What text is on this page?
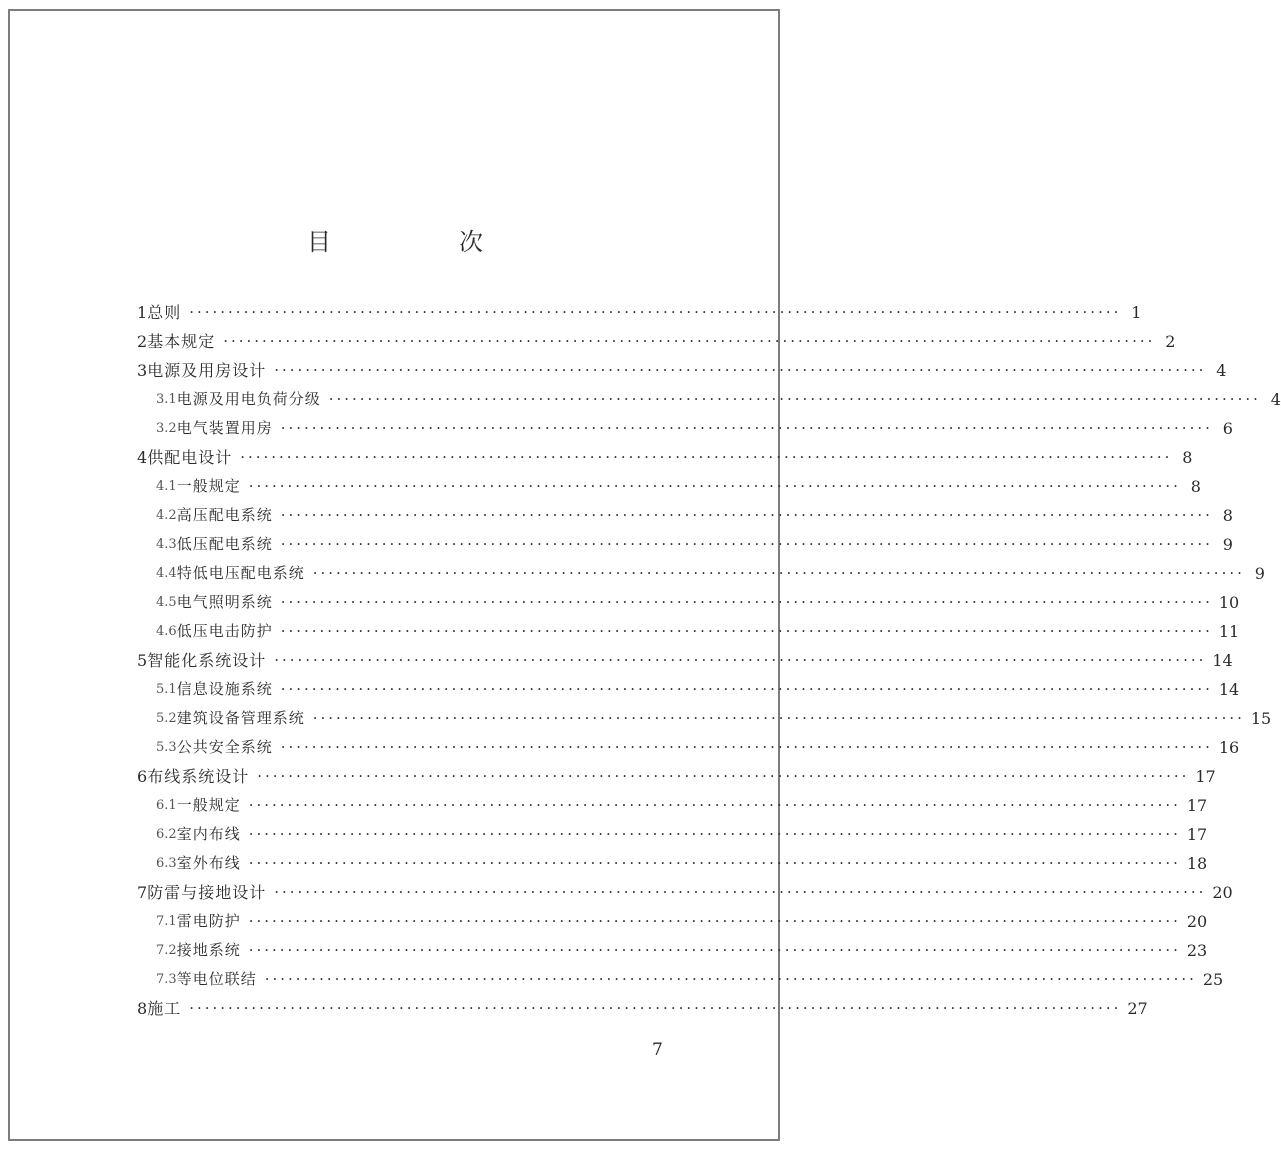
目　次
1 总则 ························································································································ 1
2 基本规定 ························································································································ 2
3 电源及用房设计 ························································································································ 4
3.1 电源及用电负荷分级 ························································································································ 4
3.2 电气装置用房 ························································································································ 6
4 供配电设计 ························································································································ 8
4.1 一般规定 ························································································································ 8
4.2 高压配电系统 ························································································································ 8
4.3 低压配电系统 ························································································································ 9
4.4 特低电压配电系统 ························································································································ 9
4.5 电气照明系统 ························································································································ 10
4.6 低压电击防护 ························································································································ 11
5 智能化系统设计 ························································································································ 14
5.1 信息设施系统 ························································································································ 14
5.2 建筑设备管理系统 ························································································································ 15
5.3 公共安全系统 ························································································································ 16
6 布线系统设计 ························································································································ 17
6.1 一般规定 ························································································································ 17
6.2 室内布线 ························································································································ 17
6.3 室外布线 ························································································································ 18
7 防雷与接地设计 ························································································································ 20
7.1 雷电防护 ························································································································ 20
7.2 接地系统 ························································································································ 23
7.3 等电位联结 ························································································································ 25
8 施工 ························································································································ 27
7
